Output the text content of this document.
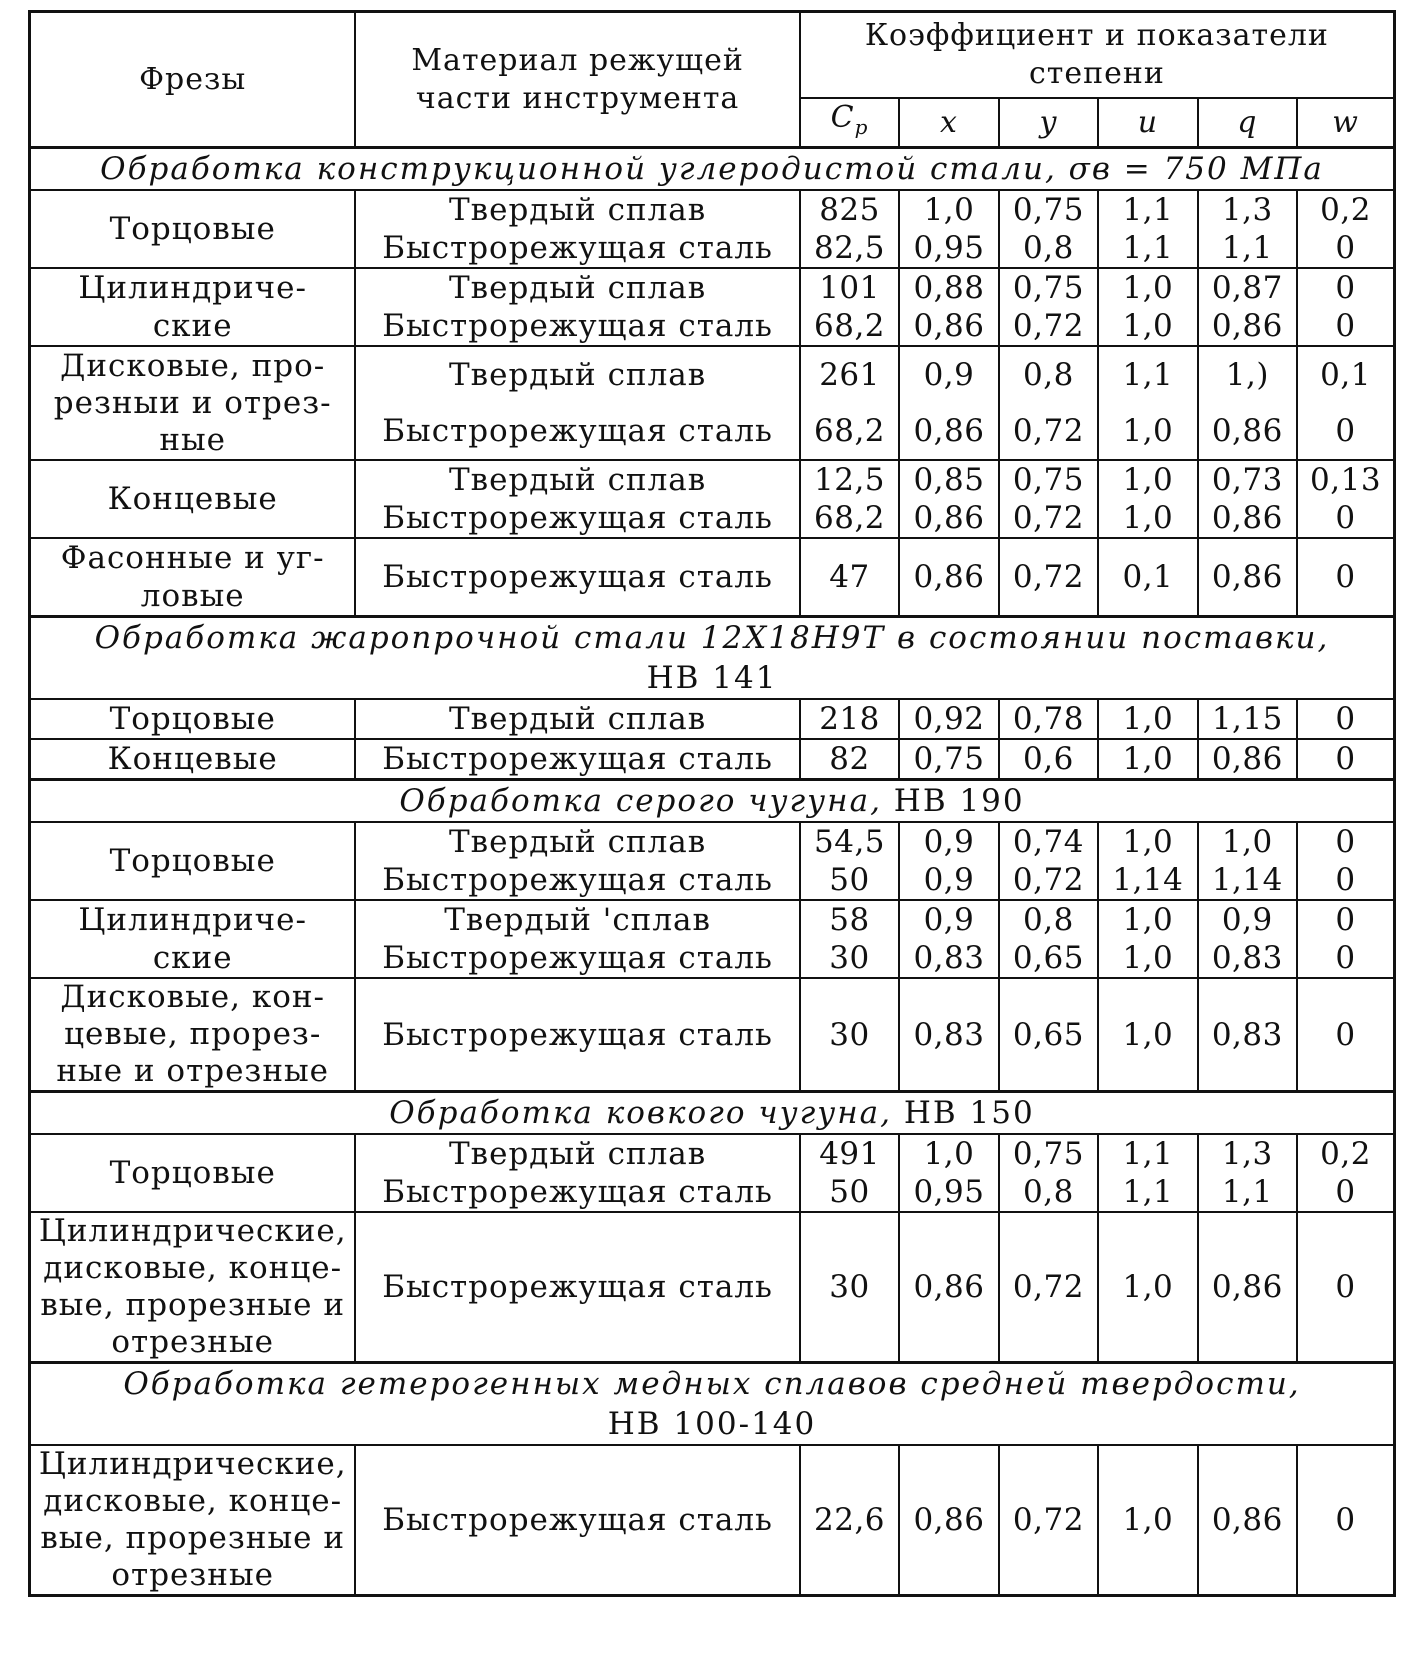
Фрезы	Материал режущей части инструмента	Коэффициент и показатели степени					
		$C_p$	x	y	u	q	w
Обработка конструкционной углеродистой стали, σв = 750 МПа							
Торцовые	Твердый сплав	825	1,0	0,75	1,1	1,3	0,2
	Быстрорежущая сталь	82,5	0,95	0,8	1,1	1,1	0
Цилиндриче-
ские	Твердый сплав	101	0,88	0,75	1,0	0,87	0
	Быстрорежущая сталь	68,2	0,86	0,72	1,0	0,86	0
Дисковые, про-
резныи и отрез-
ные	Твердый сплав	261	0,9	0,8	1,1	1,)	0,1
	Быстрорежущая сталь	68,2	0,86	0,72	1,0	0,86	0
Концевые	Твердый сплав	12,5	0,85	0,75	1,0	0,73	0,13
	Быстрорежущая сталь	68,2	0,86	0,72	1,0	0,86	0
Фасонные и уг-
ловые	Быстрорежущая сталь	47	0,86	0,72	0,1	0,86	0
Обработка жаропрочной стали 12Х18Н9Т в состоянии поставки,
НВ 141							
Торцовые	Твердый сплав	218	0,92	0,78	1,0	1,15	0
Концевые	Быстрорежущая сталь	82	0,75	0,6	1,0	0,86	0
Обработка серого чугуна, НВ 190							
Торцовые	Твердый сплав	54,5	0,9	0,74	1,0	1,0	0
	Быстрорежущая сталь	50	0,9	0,72	1,14	1,14	0
Цилиндриче-
ские	Твердый 'сплав	58	0,9	0,8	1,0	0,9	0
	Быстрорежущая сталь	30	0,83	0,65	1,0	0,83	0
Дисковые, кон-
цевые, прорез-
ные и отрезные	Быстрорежущая сталь	30	0,83	0,65	1,0	0,83	0
Обработка ковкого чугуна, НВ 150							
Торцовые	Твердый сплав	491	1,0	0,75	1,1	1,3	0,2
	Быстрорежущая сталь	50	0,95	0,8	1,1	1,1	0
Цилиндрические,
дисковые, конце-
вые, прорезные и
отрезные	Быстрорежущая сталь	30	0,86	0,72	1,0	0,86	0
Обработка гетерогенных медных сплавов средней твердости,
НВ 100-140							
Цилиндрические,
дисковые, конце-
вые, прорезные и
отрезные	Быстрорежущая сталь	22,6	0,86	0,72	1,0	0,86	0
